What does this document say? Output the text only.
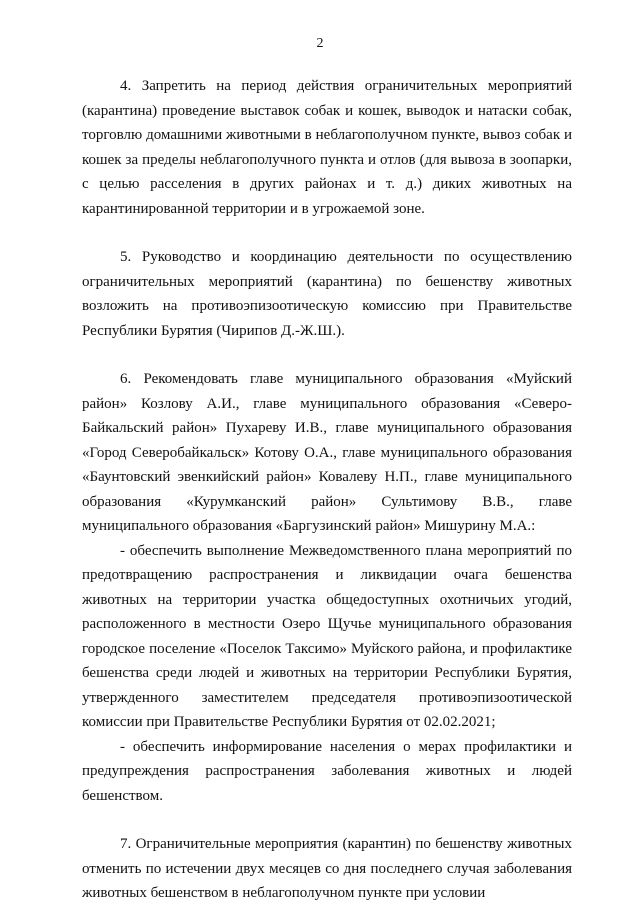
2

4. Запретить на период действия ограничительных мероприятий (карантина) проведение выставок собак и кошек, выводок и натаски собак, торговлю домашними животными в неблагополучном пункте, вывоз собак и кошек за пределы неблагополучного пункта и отлов (для вывоза в зоопарки, с целью расселения в других районах и т. д.) диких животных на карантинированной территории и в угрожаемой зоне.

5. Руководство и координацию деятельности по осуществлению ограничительных мероприятий (карантина) по бешенству животных возложить на противоэпизоотическую комиссию при Правительстве Республики Бурятия (Чирипов Д.-Ж.Ш.).

6. Рекомендовать главе муниципального образования «Муйский район» Козлову А.И., главе муниципального образования «Северо-Байкальский район» Пухареву И.В., главе муниципального образования «Город Северобайкальск» Котову О.А., главе муниципального образования «Баунтовский эвенкийский район» Ковалеву Н.П., главе муниципального образования «Курумканский район» Сультимову В.В., главе муниципального образования «Баргузинский район» Мишурину М.А.:

- обеспечить выполнение Межведомственного плана мероприятий по предотвращению распространения и ликвидации очага бешенства животных на территории участка общедоступных охотничьих угодий, расположенного в местности Озеро Щучье муниципального образования городское поселение «Поселок Таксимо» Муйского района, и профилактике бешенства среди людей и животных на территории Республики Бурятия, утвержденного заместителем председателя противоэпизоотической комиссии при Правительстве Республики Бурятия от 02.02.2021;

- обеспечить информирование населения о мерах профилактики и предупреждения распространения заболевания животных и людей бешенством.

7. Ограничительные мероприятия (карантин) по бешенству животных отменить по истечении двух месяцев со дня последнего случая заболевания животных бешенством в неблагополучном пункте при условии
